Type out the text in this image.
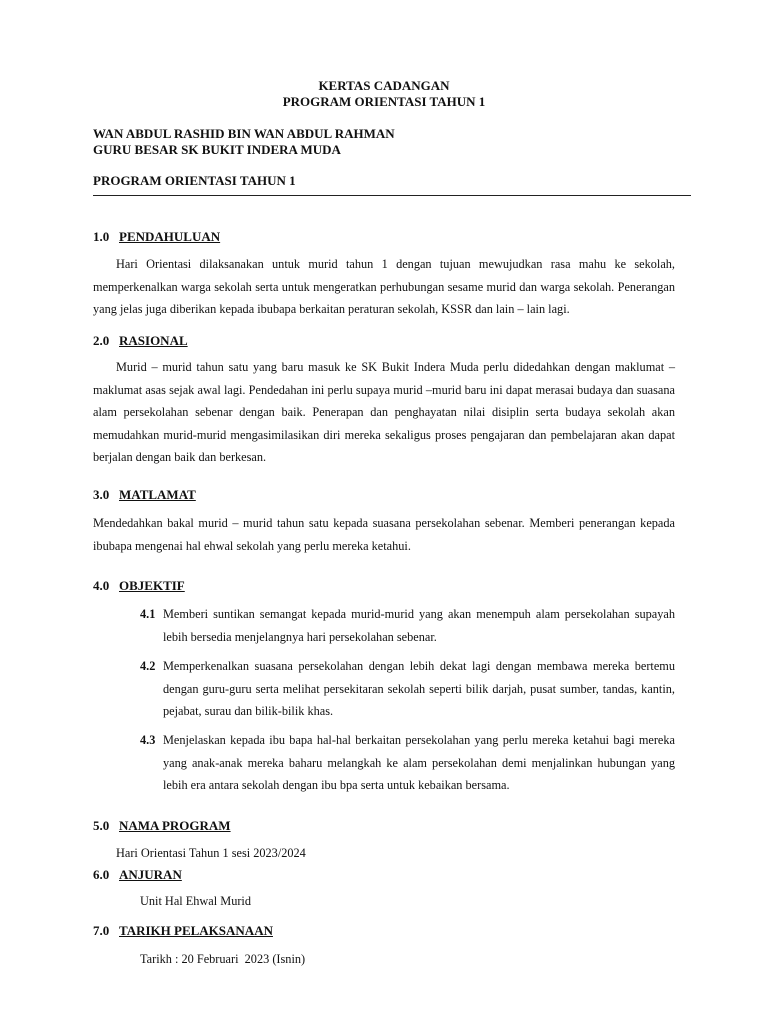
KERTAS CADANGAN
PROGRAM ORIENTASI TAHUN 1
WAN ABDUL RASHID BIN WAN ABDUL RAHMAN
GURU BESAR SK BUKIT INDERA MUDA
PROGRAM ORIENTASI TAHUN 1
1.0 PENDAHULUAN
Hari Orientasi dilaksanakan untuk murid tahun 1 dengan tujuan mewujudkan rasa mahu ke sekolah, memperkenalkan warga sekolah serta untuk mengeratkan perhubungan sesame murid dan warga sekolah. Penerangan yang jelas juga diberikan kepada ibubapa berkaitan peraturan sekolah, KSSR dan lain – lain lagi.
2.0 RASIONAL
Murid – murid tahun satu yang baru masuk ke SK Bukit Indera Muda perlu didedahkan dengan maklumat – maklumat asas sejak awal lagi. Pendedahan ini perlu supaya murid –murid baru ini dapat merasai budaya dan suasana alam persekolahan sebenar dengan baik. Penerapan dan penghayatan nilai disiplin serta budaya sekolah akan memudahkan murid-murid mengasimilasikan diri mereka sekaligus proses pengajaran dan pembelajaran akan dapat berjalan dengan baik dan berkesan.
3.0 MATLAMAT
Mendedahkan bakal murid – murid tahun satu kepada suasana persekolahan sebenar. Memberi penerangan kepada ibubapa mengenai hal ehwal sekolah yang perlu mereka ketahui.
4.0 OBJEKTIF
4.1 Memberi suntikan semangat kepada murid-murid yang akan menempuh alam persekolahan supayah lebih bersedia menjelangnya hari persekolahan sebenar.
4.2 Memperkenalkan suasana persekolahan dengan lebih dekat lagi dengan membawa mereka bertemu dengan guru-guru serta melihat persekitaran sekolah seperti bilik darjah, pusat sumber, tandas, kantin, pejabat, surau dan bilik-bilik khas.
4.3 Menjelaskan kepada ibu bapa hal-hal berkaitan persekolahan yang perlu mereka ketahui bagi mereka yang anak-anak mereka baharu melangkah ke alam persekolahan demi menjalinkan hubungan yang lebih era antara sekolah dengan ibu bpa serta untuk kebaikan bersama.
5.0 NAMA PROGRAM
Hari Orientasi Tahun 1 sesi 2023/2024
6.0 ANJURAN
Unit Hal Ehwal Murid
7.0 TARIKH PELAKSANAAN
Tarikh : 20 Februari  2023 (Isnin)
